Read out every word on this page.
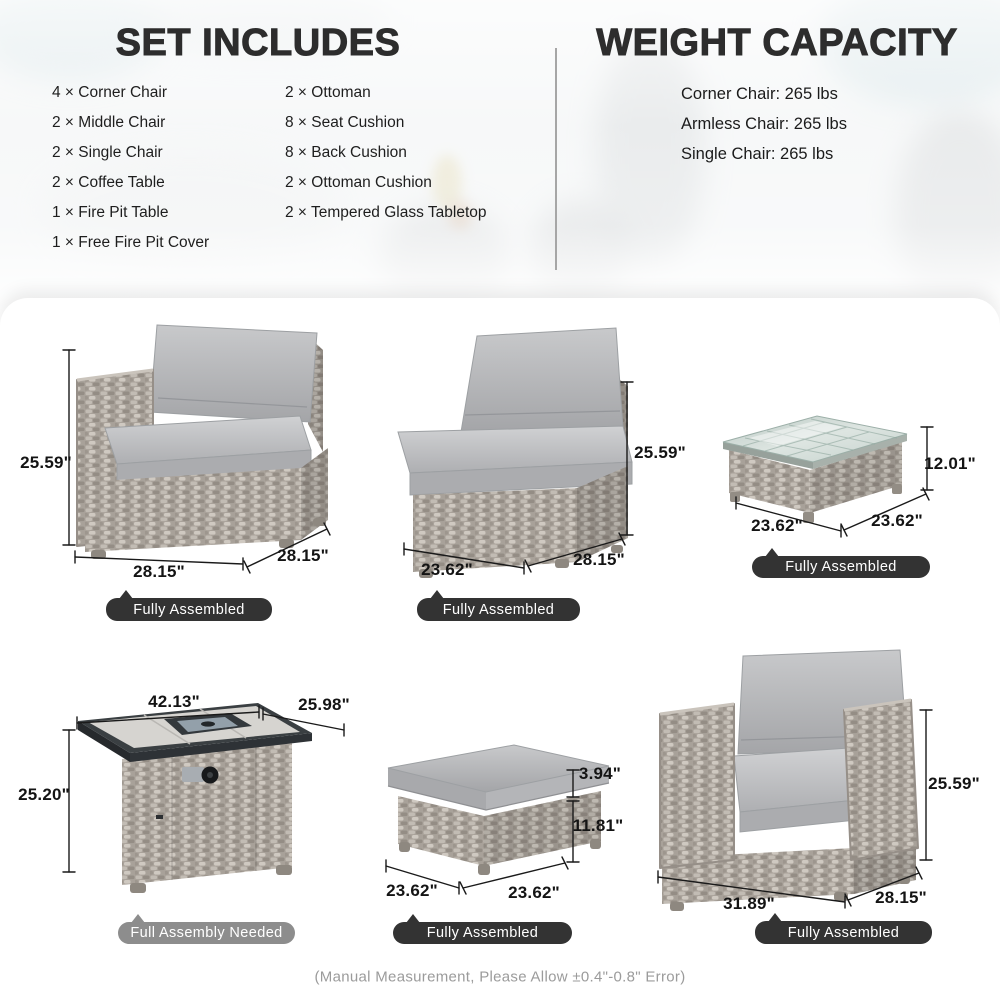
SET INCLUDES	WEIGHT CAPACITY
4 × Corner Chair
2 × Middle Chair
2 × Single Chair
2 × Coffee Table
1 × Fire Pit Table
1 × Free Fire Pit Cover
2 × Ottoman
8 × Seat Cushion
8 × Back Cushion
2 × Ottoman Cushion
2 × Tempered Glass Tabletop
Corner Chair: 265 lbs
Armless Chair: 265 lbs
Single Chair: 265 lbs
25.59"
28.15"
28.15"
25.59"
23.62"
28.15"
12.01"
23.62"	23.62"
42.13"	25.98"
25.20"
3.94"
11.81"
23.62"	23.62"
25.59"
31.89"	28.15"
Fully Assembled	Fully Assembled
Fully Assembled
Full Assembly Needed	Fully Assembled	Fully Assembled
(Manual Measurement, Please Allow ±0.4"-0.8" Error)
